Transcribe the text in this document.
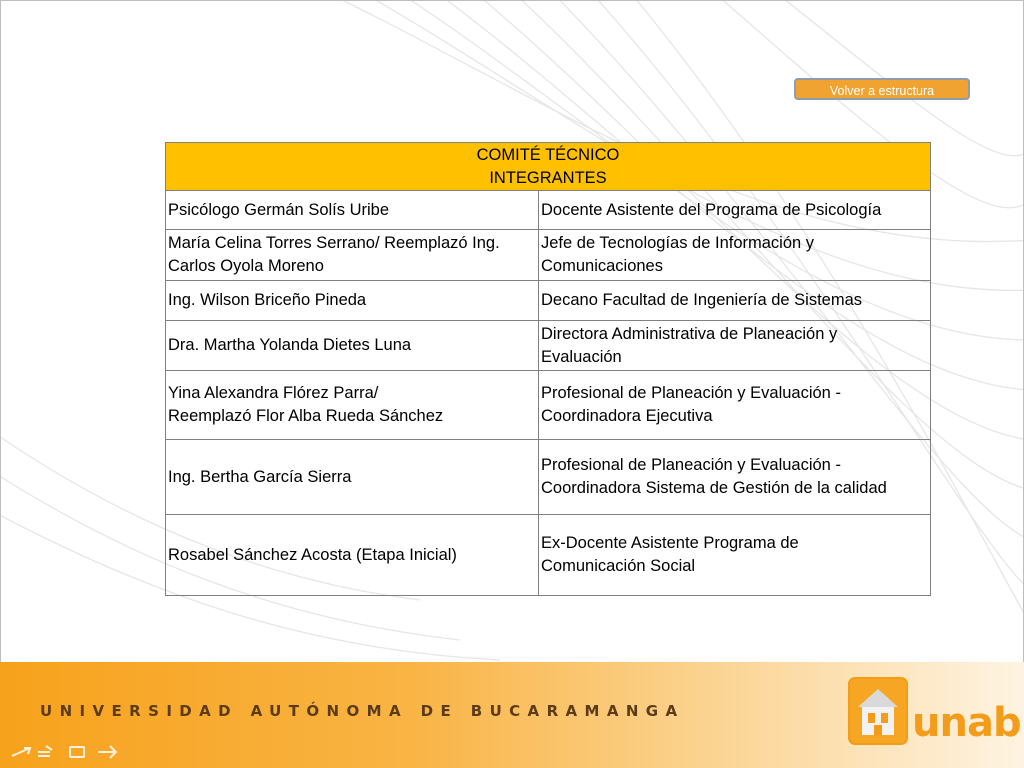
Volver a estructura
COMITÉ TÉCNICO
INTEGRANTES	

Psicólogo Germán Solís Uribe	Docente Asistente del Programa de Psicología

María Celina Torres Serrano/ Reemplazó Ing.
Carlos Oyola Moreno	Jefe de Tecnologías de Información y
Comunicaciones

Ing. Wilson Briceño Pineda	Decano Facultad de Ingeniería de Sistemas

Dra. Martha Yolanda Dietes Luna	Directora Administrativa de Planeación y
Evaluación

Yina Alexandra Flórez Parra/
Reemplazó Flor Alba Rueda Sánchez	Profesional de Planeación y Evaluación -
Coordinadora Ejecutiva

Ing. Bertha García Sierra	Profesional de Planeación y Evaluación -
Coordinadora Sistema de Gestión de la calidad

Rosabel Sánchez Acosta (Etapa Inicial)	Ex-Docente Asistente Programa de
Comunicación Social
UNIVERSIDAD AUTÓNOMA DE BUCARAMANGA	unab
